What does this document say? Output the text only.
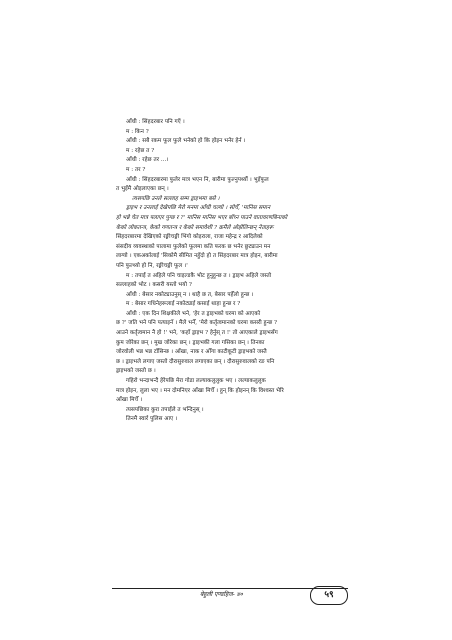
आँधी : सिंहदरबार पनि गएँ ।
म : किन ?
आँधी : सबै रकम फूल फुले भनेको हो कि होइन भनेर हेर्न ।
म : रहेछ त ?
आँधी : रहेछ तर ...।
म : तर ?
आँधी : सिंहदरबारमा फुलेर मात्र भएन नि, बारीमा फुल्नुपर्थ्यो । भुइँफूल
त भुइँमै ओइलाएका छन् ।
त्यसपछि उनले सल्लाह सम्म ड्राइभमा बसे ।
ड्राइभ र उनलाई देखेपछि मेरो मनमा आँधी चल्यो । सोचेँ, 'मानिस समान
हो भन्ने चेत मात्र पलाएर पुग्छ र ?' मानिस मानिस भएर बाँच्न पाउने वातावरणबिनाको
केको लोकतन्त्र, केको गणतन्त्र र केको समावेशी ? क्रमैले ओझेलिन्छन् नेताहरू
सिंहदरबारमा देखिएको रङ्गीचङ्गी भिंगो कोइराला, राजा महेन्द्र र आदिलेको
संसदीय व्यवस्थाको पालामा फुलेको फूलमा कति फरक छ भनेर छुट्याउन मन
लाग्यो । एकअर्कालाई 'सिकोमै सीमित नहुँदो हो त सिंहदरबार मात्र होइन, बारीमा
पनि फुल्थ्यो हो नि, रङ्गीचङ्गी फूल ।'
म : तपाईं त अहिले पनि चाइल्डकै भोट हुनुहुन्छ त । ड्राइभ अहिले जस्तो
सल्लाहको भोट । कसरी यस्तो भयो ?
आँधी : बेसार नकोट्याउनुस् न । थाहै छ त, बेसार पहेँलो हुन्छ ।
म : बेसार गधिनेहरूलाई नकोट्याई कसाई थाहा हुन्छ र ?
आँधी : एक दिन शिक्षकीले भने, 'हेर त ड्राइभको घरमा को आएको
छ ?' जति भने पनि पत्याइनँ । मैले भनेँ, 'मेरो कर्तृत्वमानको घरमा कसरी हुन्छ ?
आउने कर्तृत्वमान नै हो !' भने, 'कहाँ ड्राइभ ? हेर्नुस् त !' तो आएकाले ड्राइभसँग
कुम जोरेका छन् । मुख जोरेका छन् । ड्राइभकी गला गसिका छन् । तिनका
जोरवोली भन्न भन्न टाँसिन्छ । आँखा, नाक र ओँगा काटीकूटी ड्राइभको जस्तै
छ । ड्राइभले लगाए जस्तो दौरासुरुवाल लगाएका छन् । दौरासुरुवालको रङ पनि
ड्राइभको जस्तो छ ।
गहिरो भन्दाभन्दै हेरेपछि मेरा गोडा लल्याकलुलुक भए । लल्याकलुलुक
मात्र होइन, लुला भए । मन दोमनिएर आँखा मिचेँ । हुन् कि होइनन् कि विश्वस्त भेरि
आँखा मिचेँ ।
त्यसपछिका कुरा तपाईंले त भन्दिनुस् ।
तिनमै स्वार्र पुलिस आए ।
बेहुली एण्डहिज- ४०	५९
